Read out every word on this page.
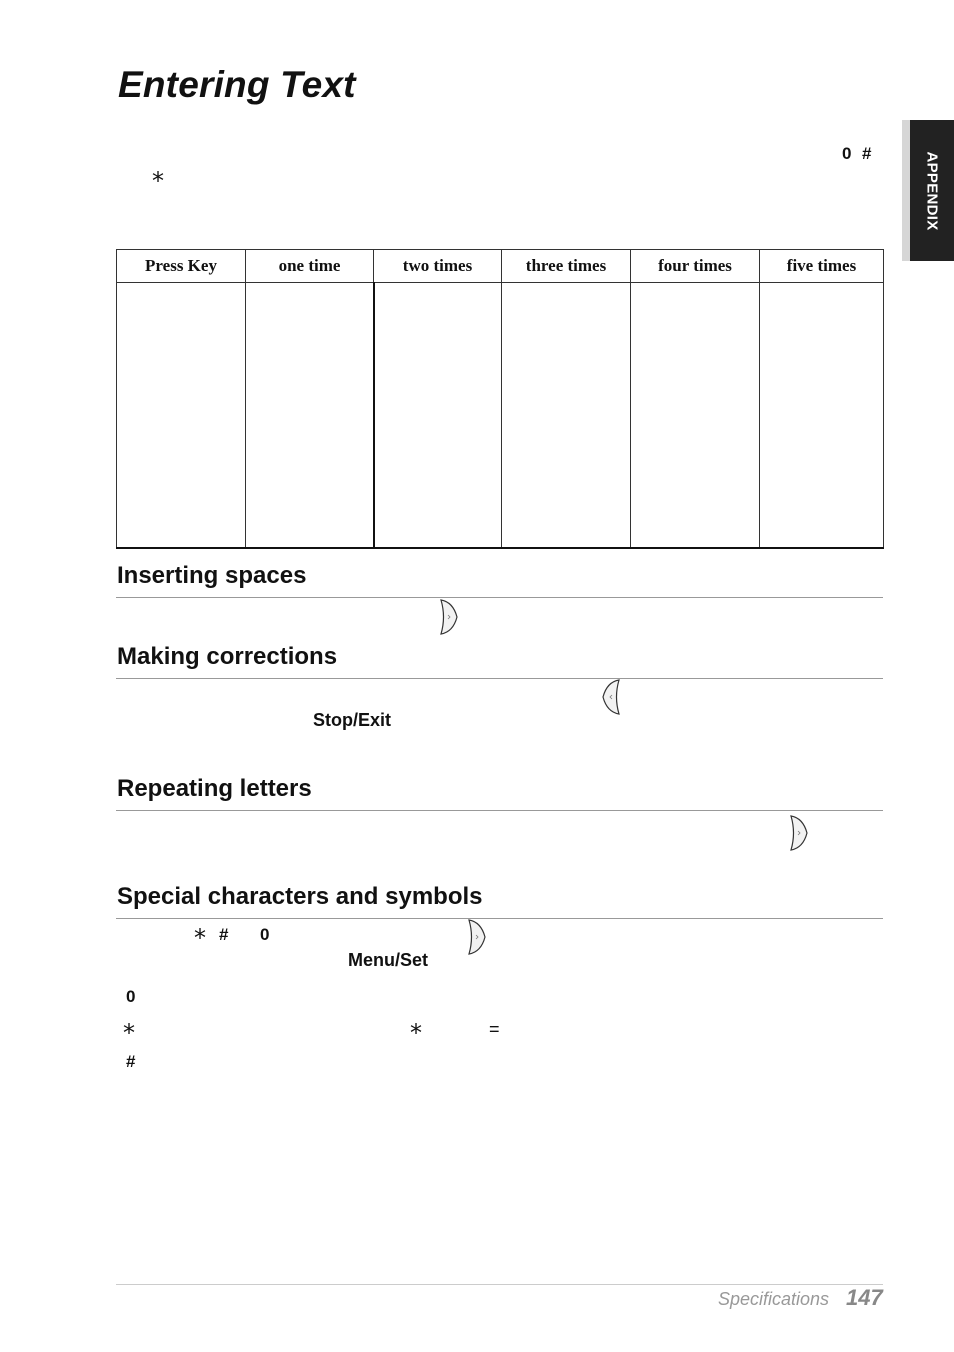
Entering Text
APPENDIX
0 #
*
Press Key	one time	two times	three times	four times	five times

Inserting spaces
Making corrections
Stop/Exit
Repeating letters
Special characters and symbols
* # 0
Menu/Set
0
*	*	=
#
Specifications 147
